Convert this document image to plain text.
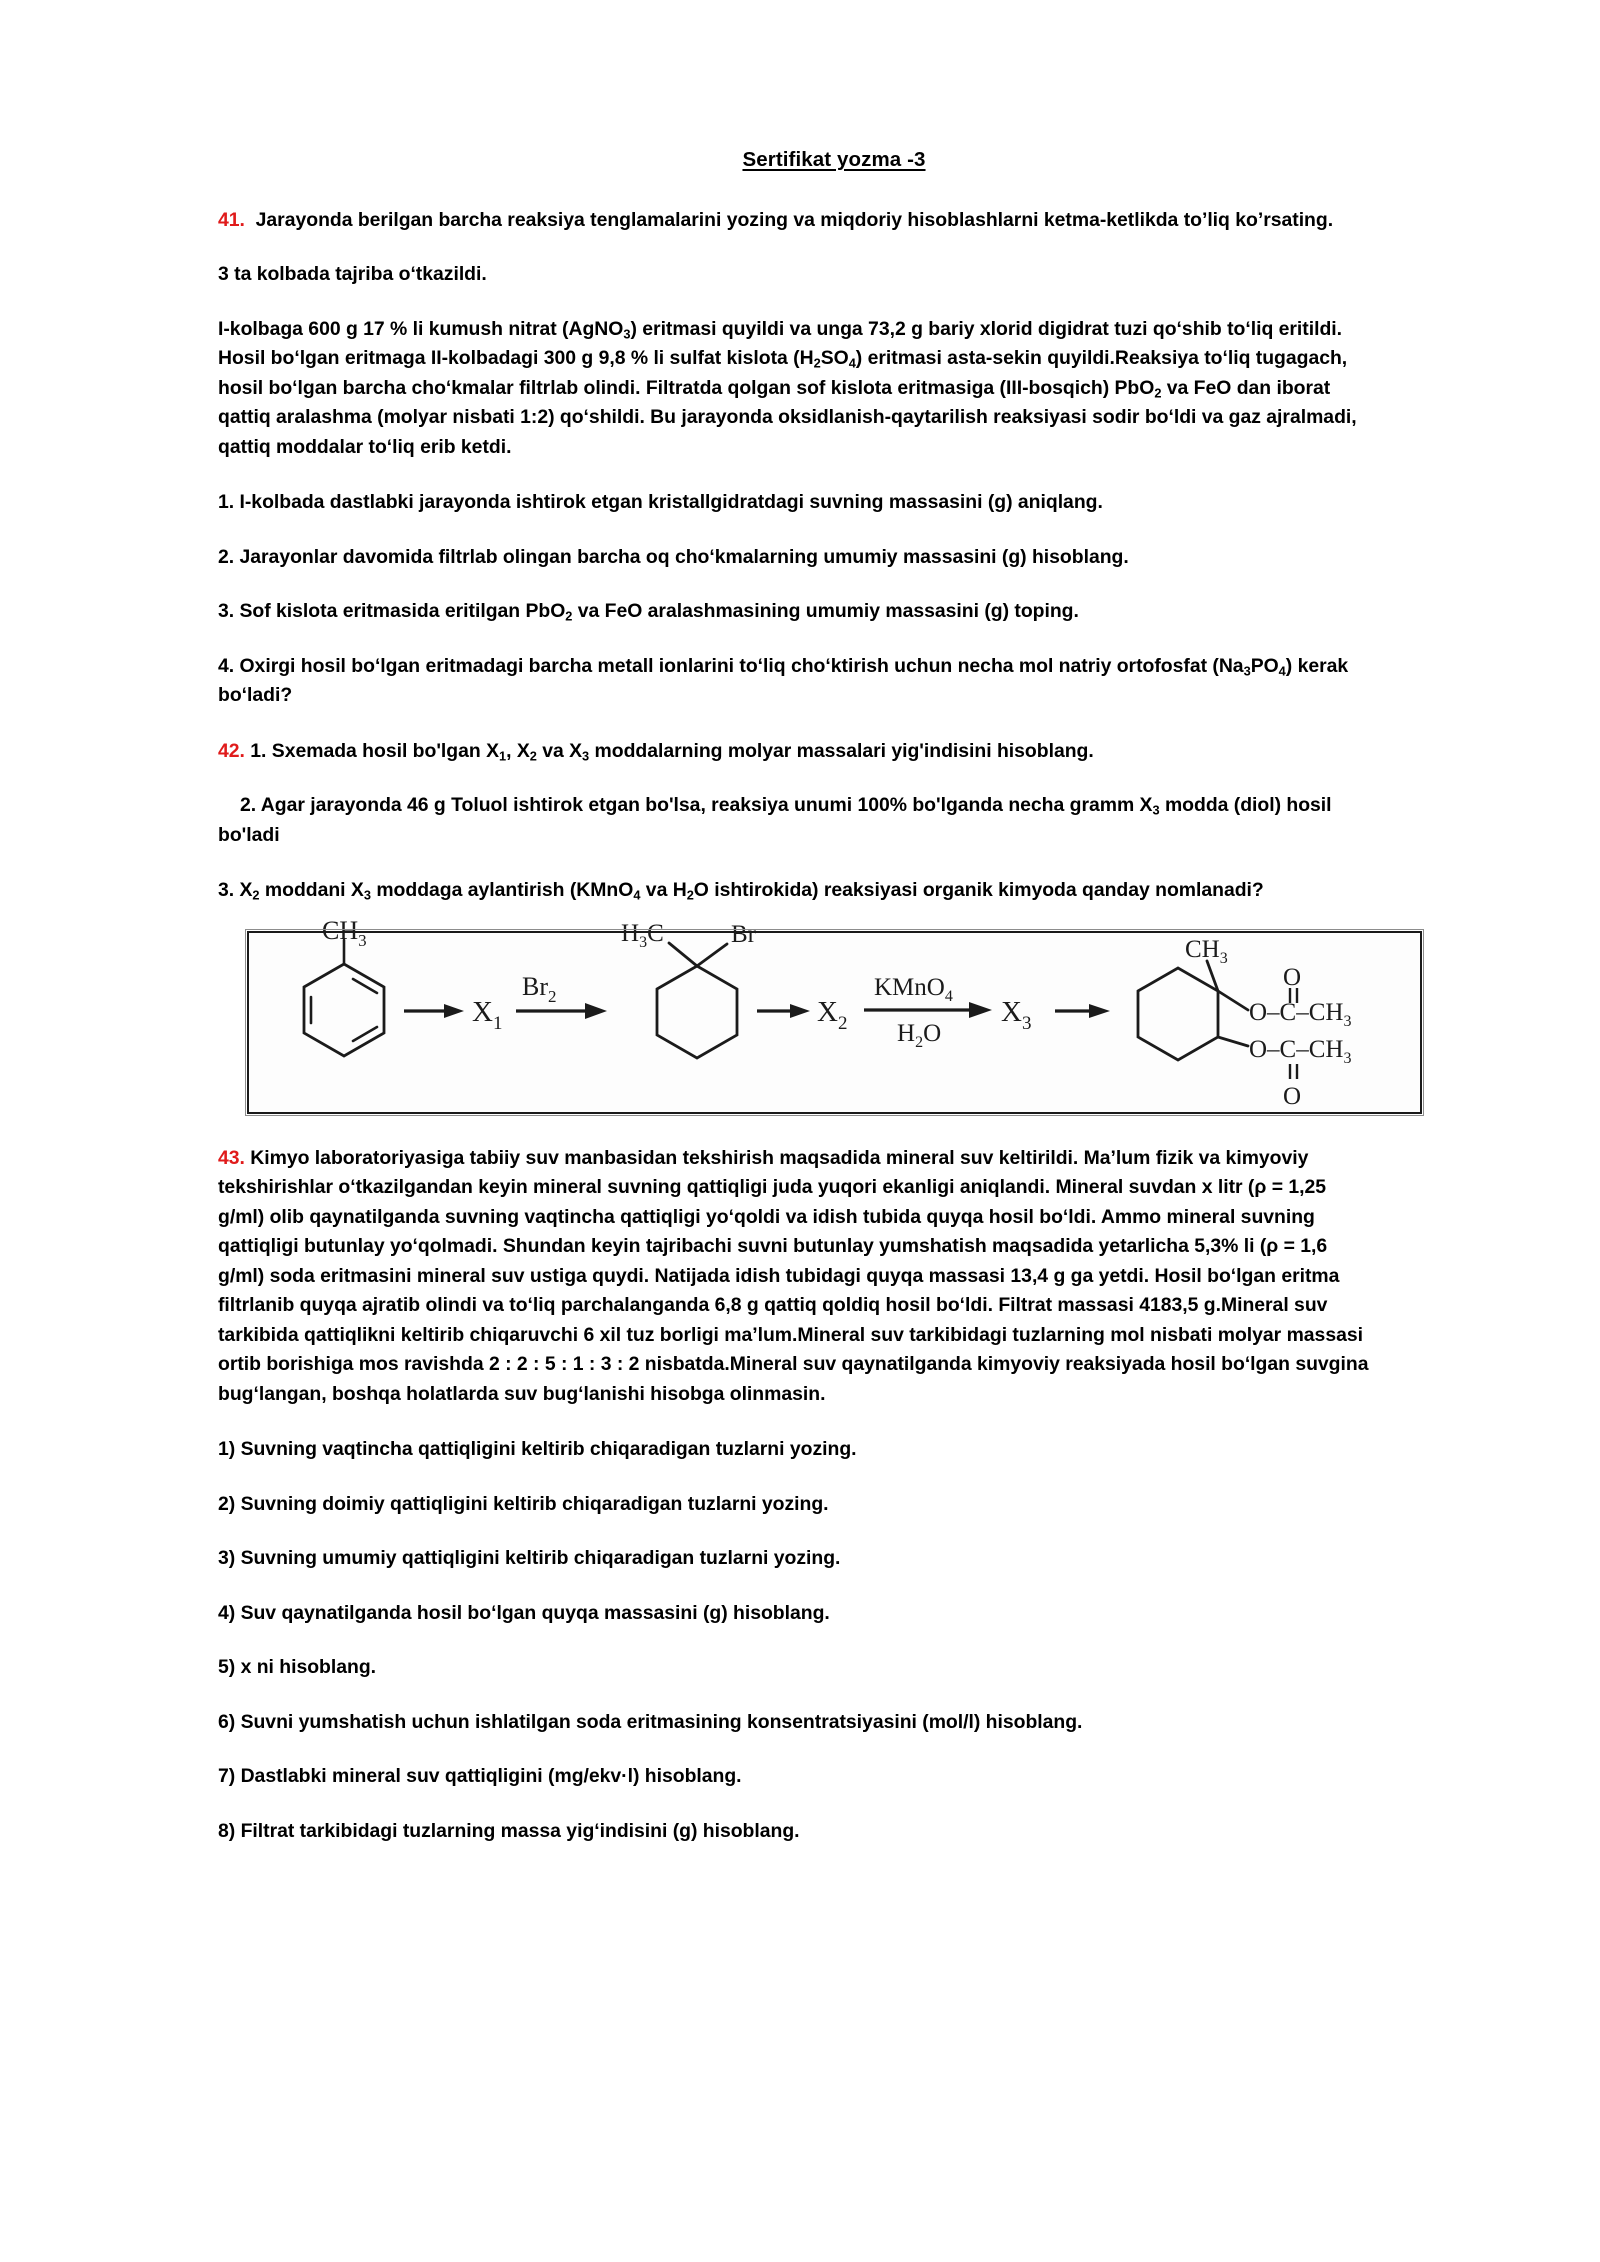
Sertifikat yozma -3

41. Jarayonda berilgan barcha reaksiya tenglamalarini yozing va miqdoriy hisoblashlarni ketma-ketlikda to’liq ko’rsating.

3 ta kolbada tajriba o‘tkazildi.

I-kolbaga 600 g 17 % li kumush nitrat (AgNO$_3$) eritmasi quyildi va unga 73,2 g bariy xlorid digidrat tuzi qo‘shib to‘liq eritildi.

Hosil bo‘lgan eritmaga II-kolbadagi 300 g 9,8 % li sulfat kislota $(H_2SO_4)$ eritmasi asta-sekin quyildi.Reaksiya to‘liq tugagach,

hosil bo‘lgan barcha cho‘kmalar filtrlab olindi. Filtratda qolgan sof kislota eritmasiga (III-bosqich) PbO$_2$ va FeO dan iborat

qattiq aralashma (molyar nisbati 1:2) qo‘shildi. Bu jarayonda oksidlanish-qaytarilish reaksiyasi sodir bo‘ldi va gaz ajralmadi,

qattiq moddalar to‘liq erib ketdi.

1. I-kolbada dastlabki jarayonda ishtirok etgan kristallgidratdagi suvning massasini (g) aniqlang.

2. Jarayonlar davomida filtrlab olingan barcha oq cho‘kmalarning umumiy massasini (g) hisoblang.

3. Sof kislota eritmasida eritilgan PbO$_2$ va FeO aralashmasining umumiy massasini (g) toping.

4. Oxirgi hosil bo‘lgan eritmadagi barcha metall ionlarini to‘liq cho‘ktirish uchun necha mol natriy ortofosfat $(Na_3PO_4)$ kerak

bo‘ladi?

42. 1. Sxemada hosil bo'lgan $X_1$, $X_2$ va $X_3$ moddalarning molyar massalari yig'indisini hisoblang.

2. Agar jarayonda 46 g Toluol ishtirok etgan bo'lsa, reaksiya unumi 100% bo'lganda necha gramm $X_3$ modda (diol) hosil

bo'ladi

3. $X_2$ moddani $X_3$ moddaga aylantirish (KMnO$_4$ va $H_2O$ ishtirokida) reaksiyasi organik kimyoda qanday nomlanadi?

$CH_3$
$X_1$
$Br_2$
$H_3C$	Br
$X_2$
KMnO$_4$
$H_2O$
$X_3$
$CH_3$
$O-C-CH_3$
O
$O-C-CH_3$
O

43. Kimyo laboratoriyasiga tabiiy suv manbasidan tekshirish maqsadida mineral suv keltirildi. Ma’lum fizik va kimyoviy

tekshirishlar o‘tkazilgandan keyin mineral suvning qattiqligi juda yuqori ekanligi aniqlandi. Mineral suvdan x litr (ρ = 1,25

g/ml) olib qaynatilganda suvning vaqtincha qattiqligi yo‘qoldi va idish tubida quyqa hosil bo‘ldi. Ammo mineral suvning

qattiqligi butunlay yo‘qolmadi. Shundan keyin tajribachi suvni butunlay yumshatish maqsadida yetarlicha 5,3% li (ρ = 1,6

g/ml) soda eritmasini mineral suv ustiga quydi. Natijada idish tubidagi quyqa massasi 13,4 g ga yetdi. Hosil bo‘lgan eritma

filtrlanib quyqa ajratib olindi va to‘liq parchalanganda 6,8 g qattiq qoldiq hosil bo‘ldi. Filtrat massasi 4183,5 g.Mineral suv

tarkibida qattiqlikni keltirib chiqaruvchi 6 xil tuz borligi ma’lum.Mineral suv tarkibidagi tuzlarning mol nisbati molyar massasi

ortib borishiga mos ravishda 2 : 2 : 5 : 1 : 3 : 2 nisbatda.Mineral suv qaynatilganda kimyoviy reaksiyada hosil bo‘lgan suvgina

bug‘langan, boshqa holatlarda suv bug‘lanishi hisobga olinmasin.

1) Suvning vaqtincha qattiqligini keltirib chiqaradigan tuzlarni yozing.

2) Suvning doimiy qattiqligini keltirib chiqaradigan tuzlarni yozing.

3) Suvning umumiy qattiqligini keltirib chiqaradigan tuzlarni yozing.

4) Suv qaynatilganda hosil bo‘lgan quyqa massasini (g) hisoblang.

5) x ni hisoblang.

6) Suvni yumshatish uchun ishlatilgan soda eritmasining konsentratsiyasini (mol/l) hisoblang.

7) Dastlabki mineral suv qattiqligini (mg/ekv·l) hisoblang.

8) Filtrat tarkibidagi tuzlarning massa yig‘indisini (g) hisoblang.
